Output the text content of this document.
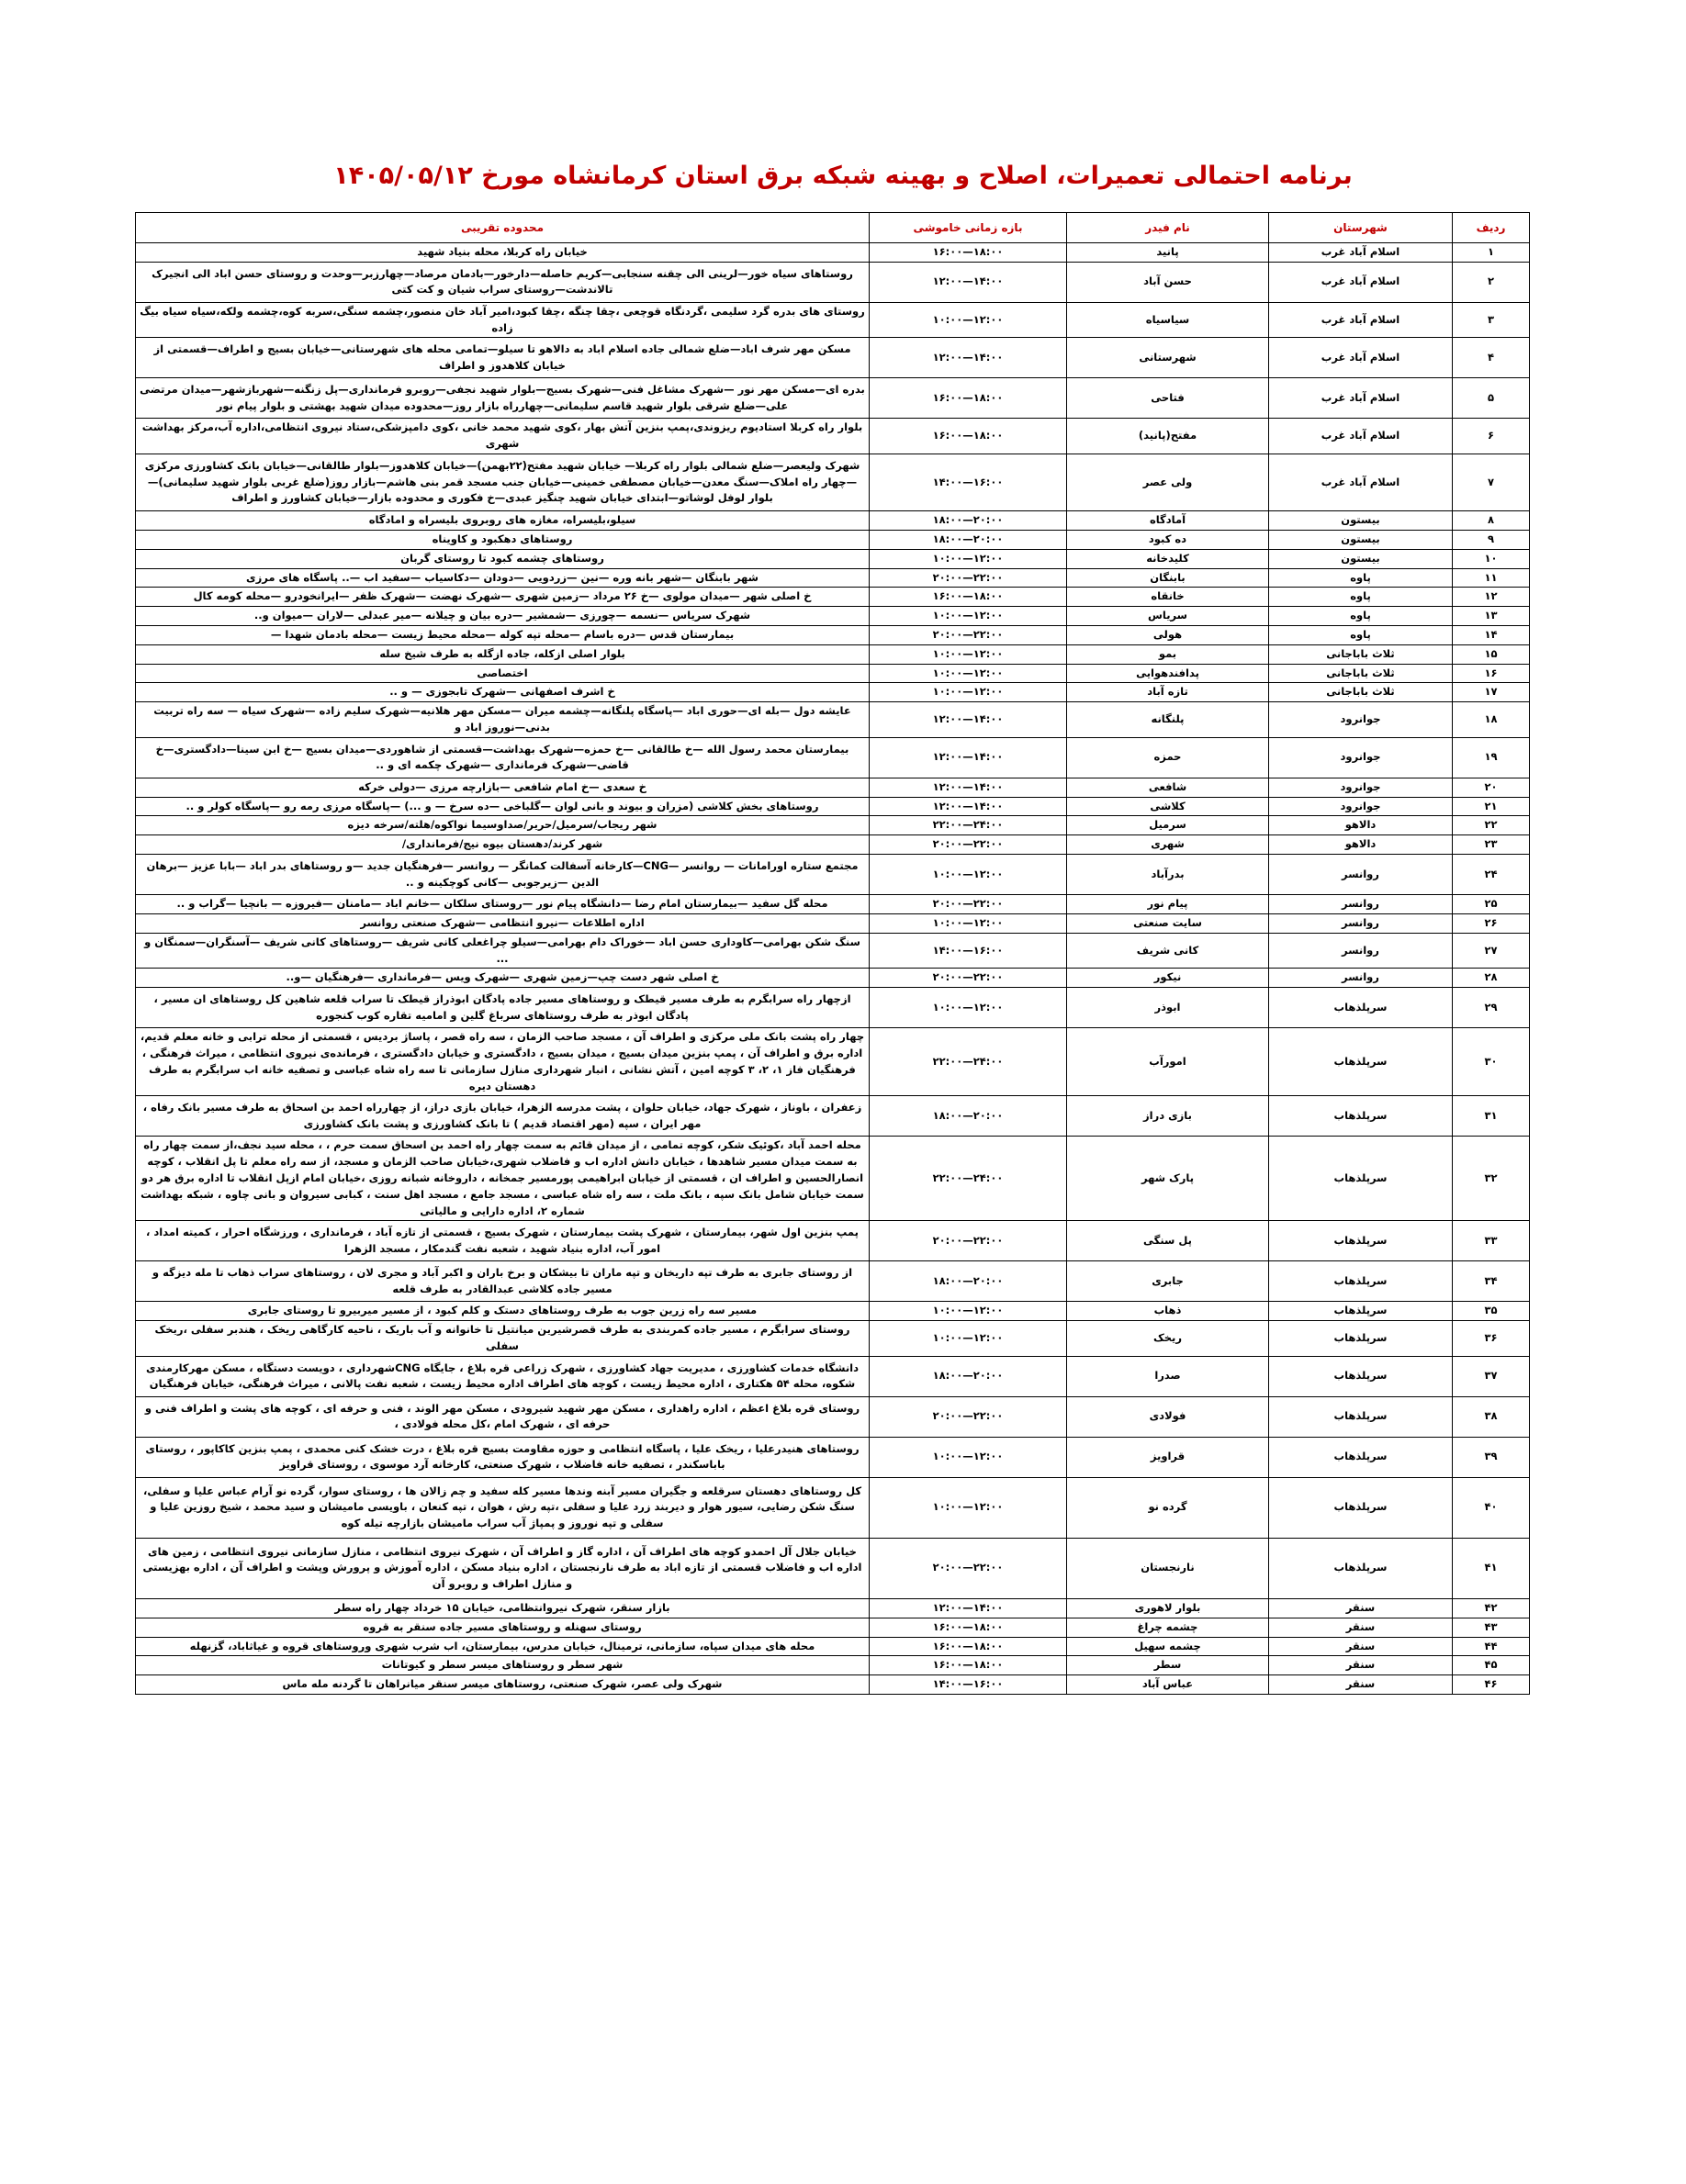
برنامه احتمالی تعمیرات، اصلاح و بهینه شبکه برق استان کرمانشاه مورخ ۱۴۰۵/۰۵/۱۲
ردیف	شهرستان	نام فیدر	بازه زمانی خاموشی	محدوده تقریبی
۱	اسلام آباد غرب	پانید	۱۶:۰۰—۱۸:۰۰	خیابان راه کربلا، محله بنیاد شهید
۲	اسلام آباد غرب	حسن آباد	۱۲:۰۰—۱۴:۰۰	روستاهای سیاه خور—لرینی الی چقنه سنجابی—کریم حاصله—دارخور—بادمان مرصاد—چهارزبر—وحدت و روستای حسن اباد الی انجیرک تالاندشت—روستای سراب شیان و کت کتی
۳	اسلام آباد غرب	سیاسیاه	۱۰:۰۰—۱۲:۰۰	روستای های بدره گرد سلیمی ،گردنگاه قوچعی ،چقا چنگه ،چقا کبود،امیر آباد خان منصور،چشمه سنگی،سربه کوه،چشمه ولکه،سیاه سیاه بیگ زاده
۴	اسلام آباد غرب	شهرستانی	۱۲:۰۰—۱۴:۰۰	مسکن مهر شرف اباد—ضلع شمالی جاده اسلام اباد به دالاهو تا سیلو—تمامی محله های شهرستانی—خیابان بسیج و اطراف—قسمتی از خیابان کلاهدوز و اطراف
۵	اسلام آباد غرب	فتاحی	۱۶:۰۰—۱۸:۰۰	بدره ای—مسکن مهر نور —شهرک مشاغل فنی—شهرک بسیج—بلوار شهید نجفی—روبرو فرمانداری—پل زنگنه—شهربازشهر—میدان مرتضی علی—ضلع شرقی بلوار شهید قاسم سلیمانی—چهارراه بازار روز—محدوده میدان شهید بهشتی و بلوار پیام نور
۶	اسلام آباد غرب	مفتح(پانید)	۱۶:۰۰—۱۸:۰۰	بلوار راه کربلا استادیوم ریزوندی،پمپ بنزین آتش بهار ،کوی شهید محمد خانی ،کوی دامپزشکی،ستاد نیروی انتظامی،اداره آب،مرکز بهداشت شهری
۷	اسلام آباد غرب	ولی عصر	۱۴:۰۰—۱۶:۰۰	شهرک ولیعصر—ضلع شمالی بلوار راه کربلا— خیابان شهید مفتح(۲۲بهمن)—خیابان کلاهدوز—بلوار طالقانی—خیابان بانک کشاورزی مرکزی—چهار راه املاک—سنگ معدن—خیابان مصطفی خمینی—خیابان جنب مسجد قمر بنی هاشم—بازار روز(ضلع غربی بلوار شهید سلیمانی)—بلوار لوفل لوشاتو—ابتدای خیابان شهید چنگیز عبدی—خ فکوری و محدوده بازار—خیابان کشاورز و اطراف
۸	بیستون	آمادگاه	۱۸:۰۰—۲۰:۰۰	سیلو،بلیسراه، مغازه های روبروی بلیسراه و امادگاه
۹	بیستون	ده کبود	۱۸:۰۰—۲۰:۰۰	روستاهای دهکبود و کاویناه
۱۰	بیستون	کلیدخانه	۱۰:۰۰—۱۲:۰۰	روستاهای چشمه کبود تا روستای گربان
۱۱	پاوه	بابنگان	۲۰:۰۰—۲۲:۰۰	شهر بابنگان —شهر بانه وره —نین —زردویی —دودان —دکاسیاب —سفید اب —.. پاسگاه های مرزی
۱۲	پاوه	خانقاه	۱۶:۰۰—۱۸:۰۰	خ اصلی شهر —میدان مولوی —خ ۲۶ مرداد —زمین شهری —شهرک نهضت —شهرک ظفر —ایرانخودرو —محله کومه کال
۱۳	پاوه	سریاس	۱۰:۰۰—۱۲:۰۰	شهرک سریاس —نسمه —چورزی —شمشیر —دره بیان و چیلانه —میر عبدلی —لاران —میوان و..
۱۴	پاوه	هولی	۲۰:۰۰—۲۲:۰۰	بیمارستان قدس —دره باسام —محله تپه کوله —محله محیط زیست —محله بادمان شهدا —
۱۵	ثلاث باباجانی	بمو	۱۰:۰۰—۱۲:۰۰	بلوار اصلی ازکله، جاده ازگله به طرف شیخ سله
۱۶	ثلاث باباجانی	پدافندهوایی	۱۰:۰۰—۱۲:۰۰	اختصاصی
۱۷	ثلاث باباجانی	تازه آباد	۱۰:۰۰—۱۲:۰۰	خ اشرف اصفهانی —شهرک تابجوزی — و ..
۱۸	جوانرود	پلنگانه	۱۲:۰۰—۱۴:۰۰	عایشه دول —بله ای—حوری اباد —پاسگاه پلنگانه—چشمه میران —مسکن مهر هلانیه—شهرک سلیم زاده —شهرک سیاه — سه راه تربیت بدنی—نوروز اباد و
۱۹	جوانرود	حمزه	۱۲:۰۰—۱۴:۰۰	بیمارستان محمد رسول الله —خ طالقانی —خ حمزه—شهرک بهداشت—قسمتی از شاهوردی—میدان بسیج —خ ابن سینا—دادگستری—خ قاضی—شهرک فرمانداری —شهرک چکمه ای و ..
۲۰	جوانرود	شافعی	۱۲:۰۰—۱۴:۰۰	خ سعدی —خ امام شافعی —بازارچه مرزی —دولی خرکه
۲۱	جوانرود	کلاشی	۱۲:۰۰—۱۴:۰۰	روستاهای بخش کلاشی (مزران و بیوند و بانی لوان —گلباخی —ده سرخ — و ...) —پاسگاه مرزی رمه رو —پاسگاه کولر و ..
۲۲	دالاهو	سرمیل	۲۲:۰۰—۲۴:۰۰	شهر ریجاب/سرمیل/حریر/صداوسیما نواکوه/هلته/سرخه دیزه
۲۳	دالاهو	شهری	۲۰:۰۰—۲۲:۰۰	شهر کرند/دهستان بیوه نیج/فرمانداری/
۲۴	روانسر	بدرآباد	۱۰:۰۰—۱۲:۰۰	مجتمع ستاره اورامانات — روانسر —CNG—کارخانه آسفالت کمانگر — روانسر —فرهنگیان جدید —و روستاهای بدر اباد —بابا عزیز —برهان الدین —زیرجوبی —کانی کوچکینه و ..
۲۵	روانسر	پیام نور	۲۰:۰۰—۲۲:۰۰	محله گل سفید —بیمارستان امام رضا —دانشگاه پیام نور —روستای سلکان —خانم اباد —مامنان —فیروزه — بانچیا —گراب و ..
۲۶	روانسر	سایت صنعتی	۱۰:۰۰—۱۲:۰۰	اداره اطلاعات —نیرو انتظامی —شهرک صنعتی روانسر
۲۷	روانسر	کانی شریف	۱۴:۰۰—۱۶:۰۰	سنگ شکن بهرامی—کاوداری حسن اباد —خوراک دام بهرامی—سیلو چراغعلی کانی شریف —روستاهای کانی شریف —آسنگران—سمنگان و ...
۲۸	روانسر	نیکور	۲۰:۰۰—۲۲:۰۰	خ اصلی شهر دست چپ—زمین شهری —شهرک ویس —فرمانداری —فرهنگیان —و..
۲۹	سرپلذهاب	ابوذر	۱۰:۰۰—۱۲:۰۰	ازچهار راه سرابگرم به طرف مسیر قیطک و روستاهای مسیر جاده پادگان ابوذراز قیطک تا سراب قلعه شاهین کل روستاهای ان مسیر ، پادگان ابوذر به طرف روستاهای سرباغ گلین و امامیه تقاره کوب کنجوره
۳۰	سرپلذهاب	امورآب	۲۲:۰۰—۲۴:۰۰	چهار راه پشت بانک ملی مرکزی و اطراف آن ، مسجد صاحب الزمان ، سه راه قصر ، پاساژ بردیس ، قسمتی از محله ترابی و خانه معلم قدیم، اداره برق و اطراف آن ، پمپ بنزین میدان بسیج ، میدان بسیج ، دادگستری و خیابان دادگستری ، فرمانده‌ی نیروی انتظامی ، میراث فرهنگی ، فرهنگیان فاز ۱، ۲، ۳ کوچه امین ، آتش نشانی ، انبار شهرداری منازل سازمانی تا سه راه شاه عباسی و تصفیه خانه اب سرابگرم به طرف دهستان دیره
۳۱	سرپلذهاب	بازی دراز	۱۸:۰۰—۲۰:۰۰	زعفران ، باوناز ، شهرک جهاد، خیابان حلوان ، پشت مدرسه الزهرا، خیابان بازی دراز، از چهارراه احمد بن اسحاق به طرف مسیر بانک رفاه ، مهر ایران ، سپه (مهر اقتصاد قدیم ) تا بانک کشاورزی و پشت بانک کشاورزی
۳۲	سرپلذهاب	پارک شهر	۲۲:۰۰—۲۴:۰۰	محله احمد آباد ،کوئیک شکر، کوچه تمامی ، از میدان قائم به سمت چهار راه احمد بن اسحاق سمت حرم ، ، محله سید نجف،از سمت چهار راه به سمت میدان مسیر شاهدها ، خیابان دانش اداره اب و فاضلاب شهری،خیابان صاحب الزمان و مسجد، از سه راه معلم تا پل انقلاب ، کوچه انصارالحسین و اطراف ان ، قسمتی از خیابان ابراهیمی پورمسیر جمخانه ، داروخانه شبانه روزی ،خیابان امام ازپل انقلاب تا اداره برق هر دو سمت خیابان شامل بانک سپه ، بانک ملت ، سه راه شاه عباسی ، مسجد جامع ، مسجد اهل سنت ، کبابی سیروان و بانی چاوه ، شبکه بهداشت شماره ۲، اداره دارایی و مالیاتی
۳۳	سرپلذهاب	پل سنگی	۲۰:۰۰—۲۲:۰۰	پمپ بنزین اول شهر، بیمارستان ، شهرک پشت بیمارستان ، شهرک بسیج ، قسمتی از تازه آباد ، فرمانداری ، ورزشگاه احرار ، کمیته امداد ، امور آب، اداره بنیاد شهید ، شعبه نفت گندمکار ، مسجد الزهرا
۳۴	سرپلذهاب	جابری	۱۸:۰۰—۲۰:۰۰	از روستای جابری به طرف تپه داریخان و تپه ماران تا بیشکان و برخ باران و اکبر آباد و مجری لان ، روستاهای سراب ذهاب تا مله دیزگه و مسیر جاده کلاشی عبدالقادر به طرف قلعه
۳۵	سرپلذهاب	ذهاب	۱۰:۰۰—۱۲:۰۰	مسیر سه راه زرین جوب به طرف روستاهای دستک و کلم کبود ، از مسیر میربیرو تا روستای جابری
۳۶	سرپلذهاب	ریخک	۱۰:۰۰—۱۲:۰۰	روستای سرابگرم ، مسیر جاده کمربندی به طرف قصرشیرین میانتیل تا خانوانه و آب باریک ، ناحیه کارگاهی ریخک ، هندبر سفلی ،ریخک سفلی
۳۷	سرپلذهاب	صدرا	۱۸:۰۰—۲۰:۰۰	دانشگاه خدمات کشاورزی ، مدیریت جهاد کشاورزی ، شهرک زراعی قره بلاغ ، جایگاه CNGشهرداری ، دویست دستگاه ، مسکن مهرکارمندی شکوه، محله ۵۴ هکتاری ، اداره محیط زیست ، کوچه های اطراف اداره محیط زیست ، شعبه نفت پالانی ، میراث فرهنگی، خیابان فرهنگیان
۳۸	سرپلذهاب	فولادی	۲۰:۰۰—۲۲:۰۰	روستای قره بلاغ اعظم ، اداره راهداری ، مسکن مهر شهید شیرودی ، مسکن مهر الوند ، فنی و حرفه ای ، کوچه های پشت و اطراف فنی و حرفه ای ، شهرک امام ،کل محله فولادی ،
۳۹	سرپلذهاب	قراویز	۱۰:۰۰—۱۲:۰۰	روستاهای هنیدرعلیا ، ریخک علیا ، پاسگاه انتظامی و حوزه مقاومت بسیج قره بلاغ ، درت خشک کنی محمدی ، پمپ بنزین کاکاپور ، روستای باباسکندر ، تصفیه خانه فاضلاب ، شهرک صنعتی، کارخانه آرد موسوی ، روستای قراویز
۴۰	سرپلذهاب	گرده نو	۱۰:۰۰—۱۲:۰۰	کل روستاهای دهستان سرقلعه و جگیران مسیر آبنه وندها مسیر کله سفید و چم زالان ها ، روستای سوار، گرده نو آرام عباس علیا و سفلی، سنگ شکن رضایی، سیور هوار و دیربند زرد علیا و سفلی ،تپه رش ، هوان ، تپه کنعان ، باویسی مامیشان و سید محمد ، شیخ روزین علیا و سفلی و تپه نوروز و پمپاژ آب سراب مامیشان بازارچه تیله کوه
۴۱	سرپلذهاب	نارنجستان	۲۰:۰۰—۲۲:۰۰	خیابان جلال آل احمدو کوچه های اطراف آن ، اداره گاز و اطراف آن ، شهرک نیروی انتظامی ، منازل سازمانی نیروی انتظامی ، زمین های اداره اب و فاضلاب قسمتی از تازه اباد به طرف نارنجستان ، اداره بنیاد مسکن ، اداره آموزش و پرورش وپشت و اطراف آن ، اداره بهزیستی و منازل اطراف و روبرو آن
۴۲	سنقر	بلوار لاهوری	۱۲:۰۰—۱۴:۰۰	بازار سنقر، شهرک نیروانتظامی، خیابان ۱۵ خرداد چهار راه سطر
۴۳	سنقر	چشمه چراغ	۱۶:۰۰—۱۸:۰۰	روستای سهنله و روستاهای مسیر جاده سنقر به قروه
۴۴	سنقر	چشمه سهیل	۱۶:۰۰—۱۸:۰۰	محله های میدان سپاه، سازمانی، ترمینال، خیابان مدرس، بیمارستان، اب شرب شهری وروستاهای قروه و غیاثاباد، گزنهله
۴۵	سنقر	سطر	۱۶:۰۰—۱۸:۰۰	شهر سطر و روستاهای میسر سطر و کیوتانات
۴۶	سنقر	عباس آباد	۱۴:۰۰—۱۶:۰۰	شهرک ولی عصر، شهرک صنعتی، روستاهای میسر سنقر میانراهان تا گردنه مله ماس
